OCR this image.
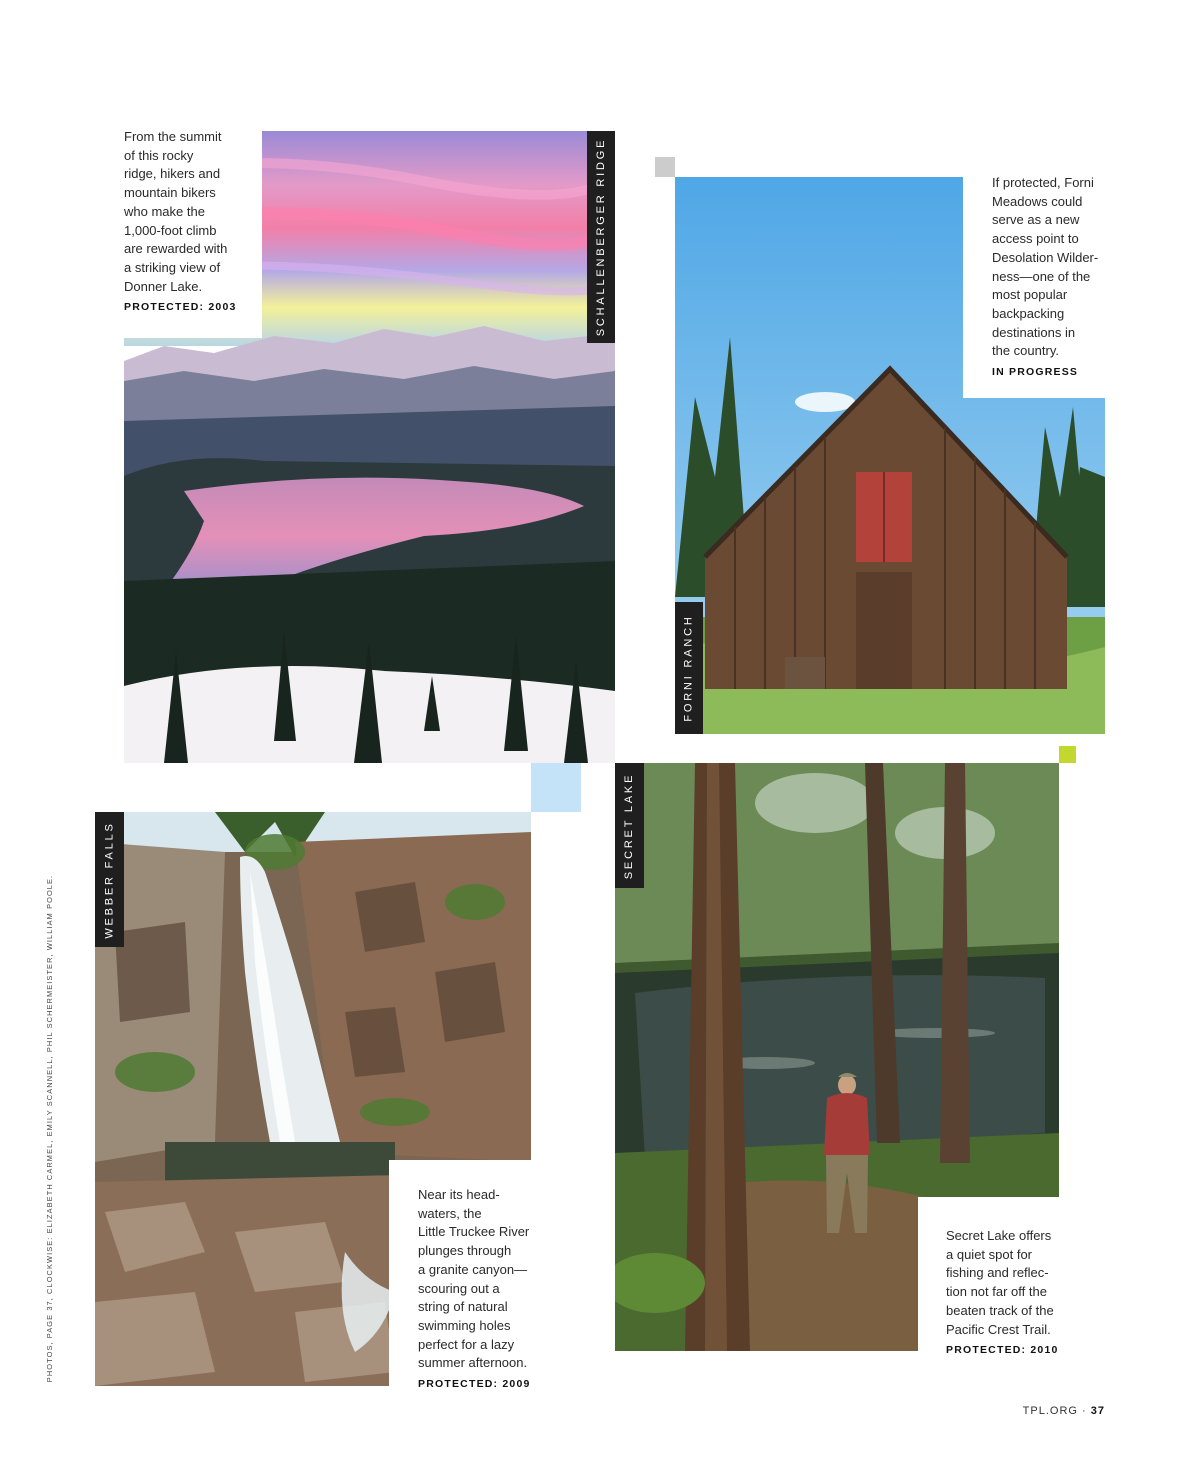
From the summit
of this rocky
ridge, hikers and
mountain bikers
who make the
1,000-foot climb
are rewarded with
a striking view of
Donner Lake.
PROTECTED: 2003	SCHALLENBERGER RIDGE	If protected, Forni
Meadows could
serve as a new
access point to
Desolation Wilder-
ness—one of the
most popular
backpacking
destinations in
the country.
IN PROGRESS
FORNI RANCH
Near its head-
waters, the
Little Truckee River
plunges through
a granite canyon—
scouring out a
string of natural
swimming holes
perfect for a lazy
summer afternoon.
PROTECTED: 2009
WEBBER FALLS
Secret Lake offers
a quiet spot for
fishing and reflec-
tion not far off the
beaten track of the
Pacific Crest Trail.
PROTECTED: 2010
SECRET LAKE
PHOTOS, PAGE 37, CLOCKWISE: ELIZABETH CARMEL, EMILY SCANNELL, PHIL SCHERMEISTER, WILLIAM POOLE.
TPL.ORG · 37
